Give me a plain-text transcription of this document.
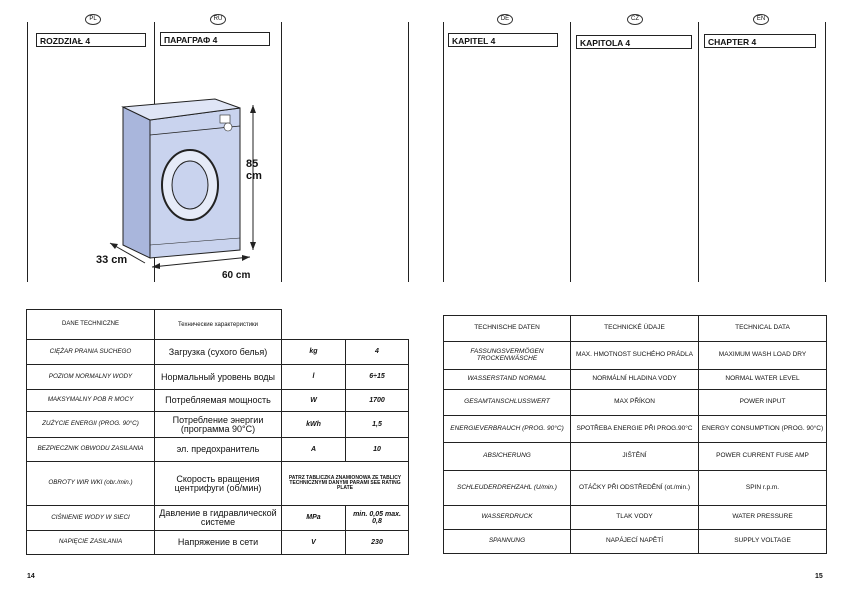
PL	RU
ROZDZIAŁ 4	ПАРАГРАФ 4
85
cm
33 cm
60 cm
DANE TECHNICZNE	Технические характеристики		
CIĘŻAR PRANIA SUCHEGO	Загрузка (сухого белья)	kg	4
POZIOM NORMALNY WODY	Нормальный уровень воды	l	6÷15
MAKSYMALNY POB R MOCY	Потребляемая мощность	W	1700
ZUŻYCIE ENERGII (PROG. 90°C)	Потребление энергии (программа 90°C)	kWh	1,5
BEZPIECZNIK OBWODU ZASILANIA	эл. предохранитель	A	10
OBROTY WIR WKI (obr./min.)	Скорость вращения центрифуги (об/мин)	PATRZ TABLICZKA ZNAMIONOWA ZE TABLICY TECHNICZNYMI DANYMI PARAMI SEE RATING PLATE	
CIŚNIENIE WODY W SIECI	Давление в гидравлической системе	MPa	min. 0,05 max. 0,8
NAPIĘCIE ZASILANIA	Напряжение в сети	V	230
14
DE	CZ	EN
KAPITEL 4	KAPITOLA 4	CHAPTER 4
TECHNISCHE DATEN	TECHNICKÉ ÚDAJE	TECHNICAL DATA
FASSUNGSVERMÖGEN TROCKENWÄSCHE	MAX. HMOTNOST SUCHÉHO PRÁDLA	MAXIMUM WASH LOAD DRY
WASSERSTAND NORMAL	NORMÁLNÍ HLADINA VODY	NORMAL WATER LEVEL
GESAMTANSCHLUSSWERT	MAX PŘÍKON	POWER INPUT
ENERGIEVERBRAUCH (PROG. 90°C)	SPOTŘEBA ENERGIE PŘI PROG.90°C	ENERGY CONSUMPTION (PROG. 90°C)
ABSICHERUNG	JIŠTĚNÍ	POWER CURRENT FUSE AMP
SCHLEUDERDREHZAHL (U/min.)	OTÁČKY PŘI ODSTŘEDĚNÍ (ot./min.)	SPIN r.p.m.
WASSERDRUCK	TLAK VODY	WATER PRESSURE
SPANNUNG	NAPÁJECÍ NAPĚTÍ	SUPPLY VOLTAGE
15
